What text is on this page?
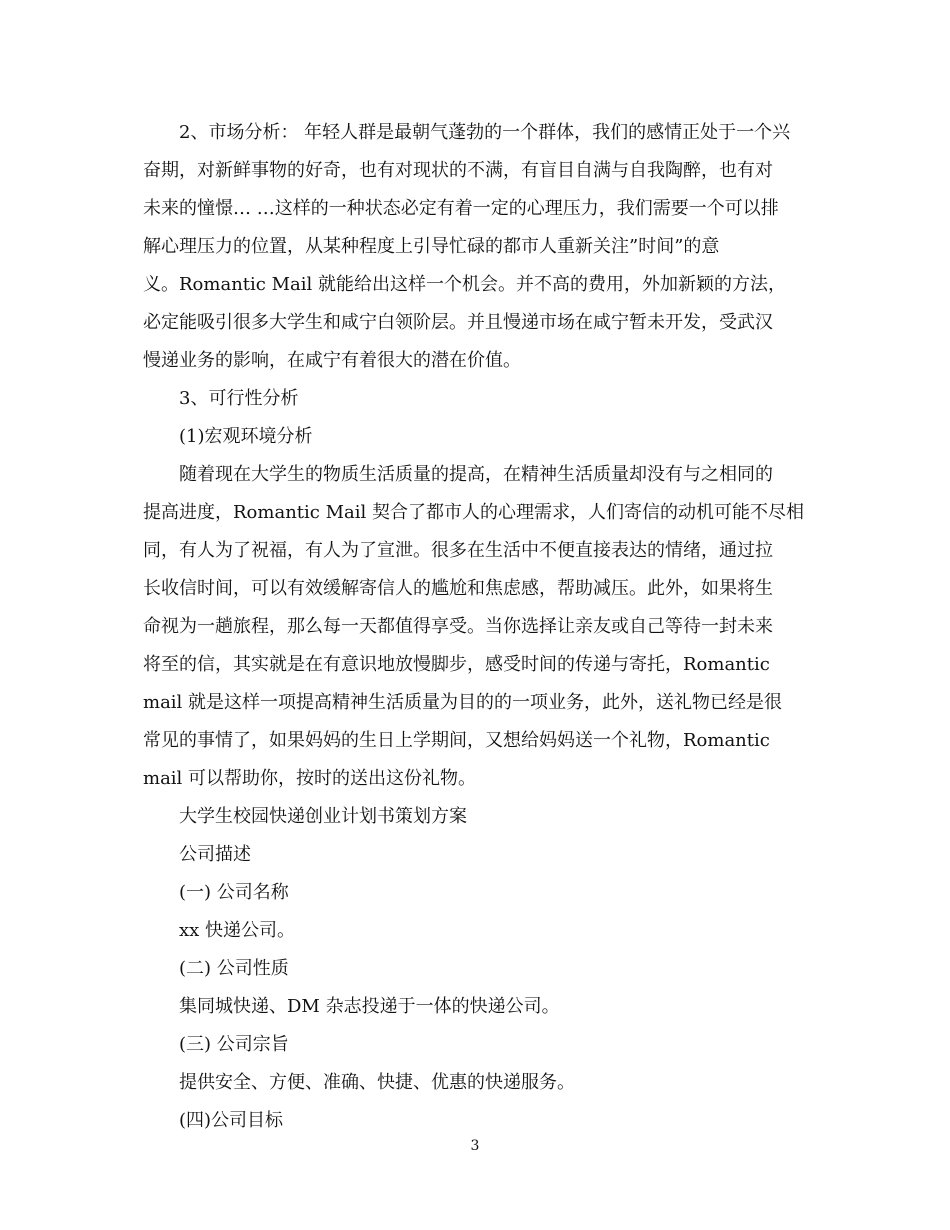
2、市场分析： 年轻人群是最朝气蓬勃的一个群体，我们的感情正处于一个兴
奋期，对新鲜事物的好奇，也有对现状的不满，有盲目自满与自我陶醉，也有对
未来的憧憬… …这样的一种状态必定有着一定的心理压力，我们需要一个可以排
解心理压力的位置，从某种程度上引导忙碌的都市人重新关注”时间”的意
义。Romantic Mail 就能给出这样一个机会。并不高的费用，外加新颖的方法，
必定能吸引很多大学生和咸宁白领阶层。并且慢递市场在咸宁暂未开发，受武汉
慢递业务的影响，在咸宁有着很大的潜在价值。
3、可行性分析
(1)宏观环境分析
随着现在大学生的物质生活质量的提高，在精神生活质量却没有与之相同的
提高进度，Romantic Mail 契合了都市人的心理需求，人们寄信的动机可能不尽相
同，有人为了祝福，有人为了宣泄。很多在生活中不便直接表达的情绪，通过拉
长收信时间，可以有效缓解寄信人的尴尬和焦虑感，帮助减压。此外，如果将生
命视为一趟旅程，那么每一天都值得享受。当你选择让亲友或自己等待一封未来
将至的信，其实就是在有意识地放慢脚步，感受时间的传递与寄托，Romantic
mail 就是这样一项提高精神生活质量为目的的一项业务，此外，送礼物已经是很
常见的事情了，如果妈妈的生日上学期间，又想给妈妈送一个礼物，Romantic
mail 可以帮助你，按时的送出这份礼物。
大学生校园快递创业计划书策划方案
公司描述
(一) 公司名称
xx 快递公司。
(二) 公司性质
集同城快递、DM 杂志投递于一体的快递公司。
(三) 公司宗旨
提供安全、方便、准确、快捷、优惠的快递服务。
(四)公司目标
3
